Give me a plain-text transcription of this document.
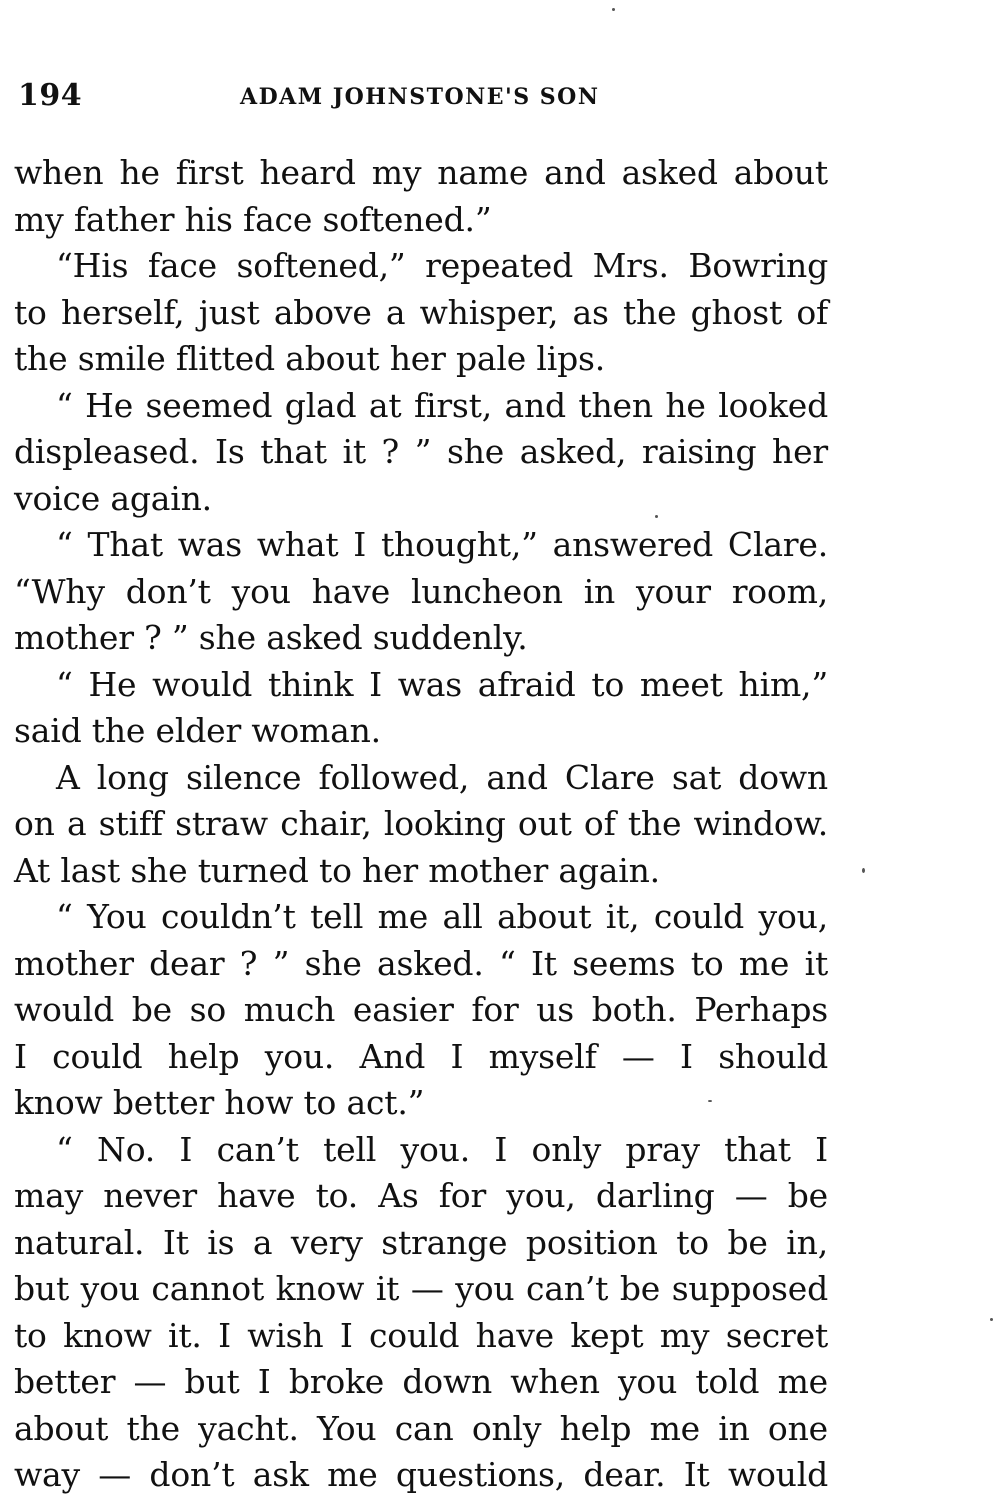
194	ADAM JOHNSTONE'S SON
when he first heard my name and asked about
my father his face softened.”
“His face softened,” repeated Mrs. Bowring
to herself, just above a whisper, as the ghost of
the smile flitted about her pale lips.
“ He seemed glad at first, and then he looked
displeased. Is that it ? ” she asked, raising her
voice again.
“ That was what I thought,” answered Clare.
“Why don’t you have luncheon in your room,
mother ? ” she asked suddenly.
“ He would think I was afraid to meet him,”
said the elder woman.
A long silence followed, and Clare sat down
on a stiff straw chair, looking out of the window.
At last she turned to her mother again.
“ You couldn’t tell me all about it, could you,
mother dear ? ” she asked. “ It seems to me it
would be so much easier for us both. Perhaps
I could help you. And I myself — I should
know better how to act.”
“ No. I can’t tell you. I only pray that I
may never have to. As for you, darling — be
natural. It is a very strange position to be in,
but you cannot know it — you can’t be supposed
to know it. I wish I could have kept my secret
better — but I broke down when you told me
about the yacht. You can only help me in one
way — don’t ask me questions, dear. It would
